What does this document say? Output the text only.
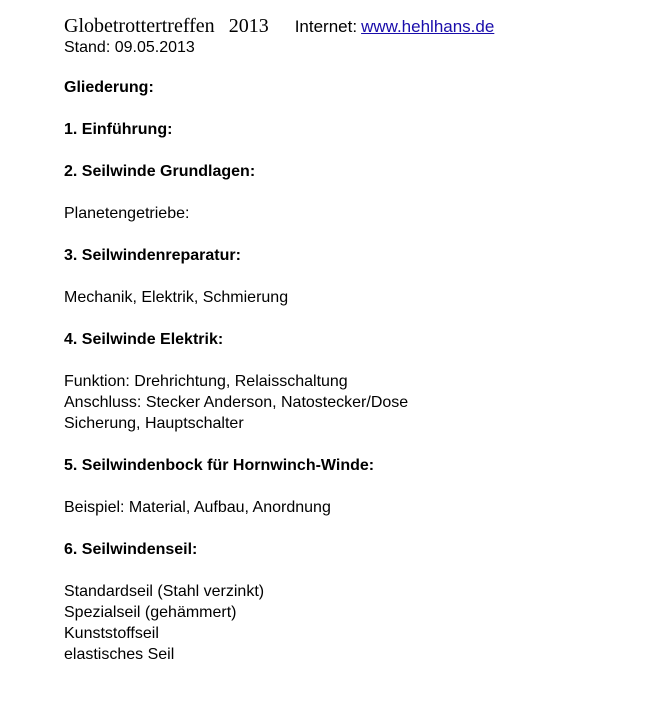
Globetrottertreffen 2013 Internet: www.hehlhans.de
Stand: 09.05.2013
Gliederung:
1. Einführung:
2. Seilwinde Grundlagen:
Planetengetriebe:
3. Seilwindenreparatur:
Mechanik, Elektrik, Schmierung
4. Seilwinde Elektrik:
Funktion: Drehrichtung, Relaisschaltung
Anschluss: Stecker Anderson, Natostecker/Dose
Sicherung, Hauptschalter
5. Seilwindenbock für Hornwinch-Winde:
Beispiel: Material, Aufbau, Anordnung
6. Seilwindenseil:
Standardseil (Stahl verzinkt)
Spezialseil (gehämmert)
Kunststoffseil
elastisches Seil
